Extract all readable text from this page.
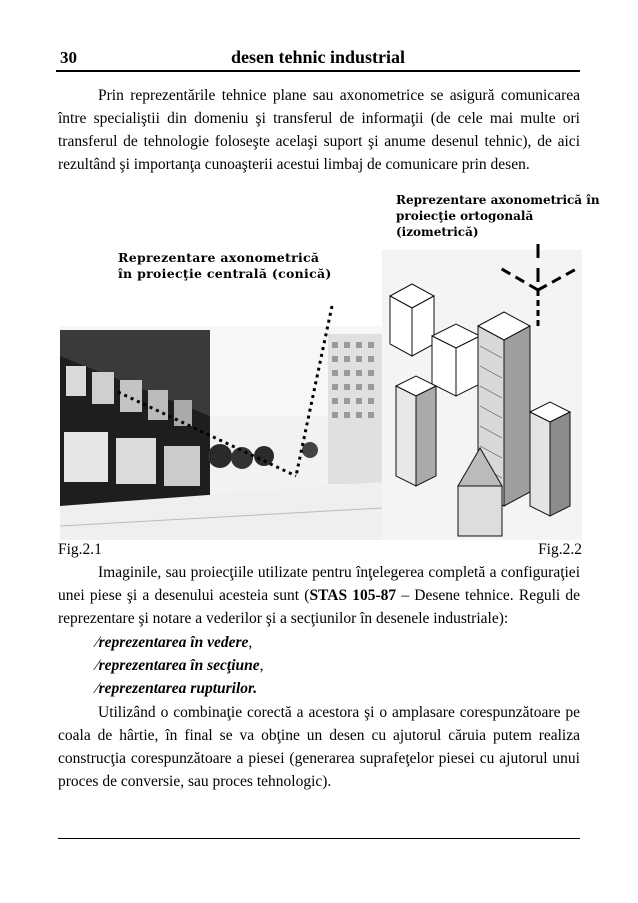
30	desen tehnic industrial

Prin reprezentările tehnice plane sau axonometrice se asigură comunicarea între specialiştii din domeniu şi transferul de informaţii (de cele mai multe ori transferul de tehnologie foloseşte acelaşi suport şi anume desenul tehnic), de aici rezultând şi importanţa cunoaşterii acestui limbaj de comunicare prin desen.

Reprezentare axonometrică
în proiecţie centrală (conică)
Reprezentare axonometrică în
proiecţie ortogonală
(izometrică)
Fig.2.1	Fig.2.2

Imaginile, sau proiecţiile utilizate pentru înţelegerea completă a configuraţiei unei piese şi a desenului acesteia sunt (STAS 105-87 – Desene tehnice. Reguli de reprezentare şi notare a vederilor şi a secţiunilor în desenele industriale):

⁄reprezentarea în vedere,
⁄reprezentarea în secţiune,
⁄reprezentarea rupturilor.

Utilizând o combinaţie corectă a acestora şi o amplasare corespunzătoare pe coala de hârtie, în final se va obţine un desen cu ajutorul căruia putem realiza construcţia corespunzătoare a piesei (generarea suprafeţelor piesei cu ajutorul unui proces de conversie, sau proces tehnologic).
